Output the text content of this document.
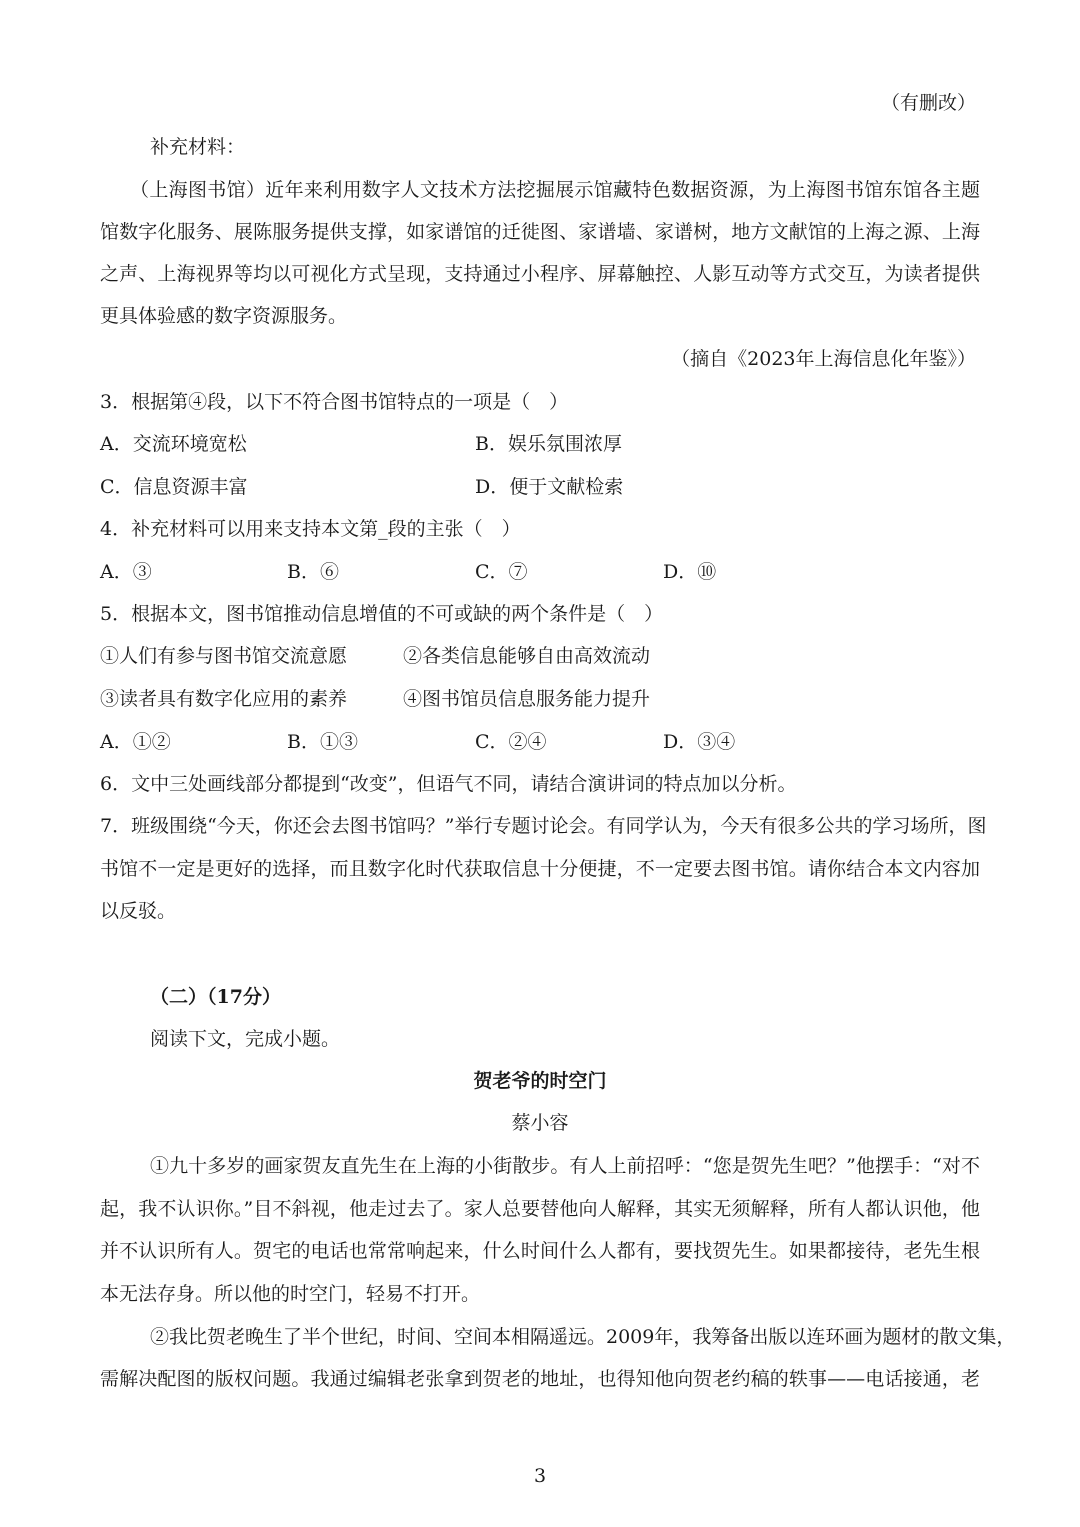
（有删改）
补充材料：
（上海图书馆）近年来利用数字人文技术方法挖掘展示馆藏特色数据资源，为上海图书馆东馆各主题
馆数字化服务、展陈服务提供支撑，如家谱馆的迁徙图、家谱墙、家谱树，地方文献馆的上海之源、上海
之声、上海视界等均以可视化方式呈现，支持通过小程序、屏幕触控、人影互动等方式交互，为读者提供
更具体验感的数字资源服务。
（摘自《2023年上海信息化年鉴》）
3．根据第④段，以下不符合图书馆特点的一项是（　）
A．交流环境宽松	B．娱乐氛围浓厚
C．信息资源丰富	D．便于文献检索
4．补充材料可以用来支持本文第_段的主张（　）
A．③	B．⑥	C．⑦	D．⑩
5．根据本文，图书馆推动信息增值的不可或缺的两个条件是（　）
①人们有参与图书馆交流意愿	②各类信息能够自由高效流动
③读者具有数字化应用的素养	④图书馆员信息服务能力提升
A．①②	B．①③	C．②④	D．③④
6．文中三处画线部分都提到“改变”，但语气不同，请结合演讲词的特点加以分析。
7．班级围绕“今天，你还会去图书馆吗？”举行专题讨论会。有同学认为，今天有很多公共的学习场所，图
书馆不一定是更好的选择，而且数字化时代获取信息十分便捷，不一定要去图书馆。请你结合本文内容加
以反驳。
（二）（17分）
阅读下文，完成小题。
贺老爷的时空门
蔡小容
①九十多岁的画家贺友直先生在上海的小街散步。有人上前招呼：“您是贺先生吧？”他摆手：“对不
起，我不认识你。”目不斜视，他走过去了。家人总要替他向人解释，其实无须解释，所有人都认识他，他
并不认识所有人。贺宅的电话也常常响起来，什么时间什么人都有，要找贺先生。如果都接待，老先生根
本无法存身。所以他的时空门，轻易不打开。
②我比贺老晚生了半个世纪，时间、空间本相隔遥远。2009年，我筹备出版以连环画为题材的散文集，
需解决配图的版权问题。我通过编辑老张拿到贺老的地址，也得知他向贺老约稿的轶事——电话接通，老
3
